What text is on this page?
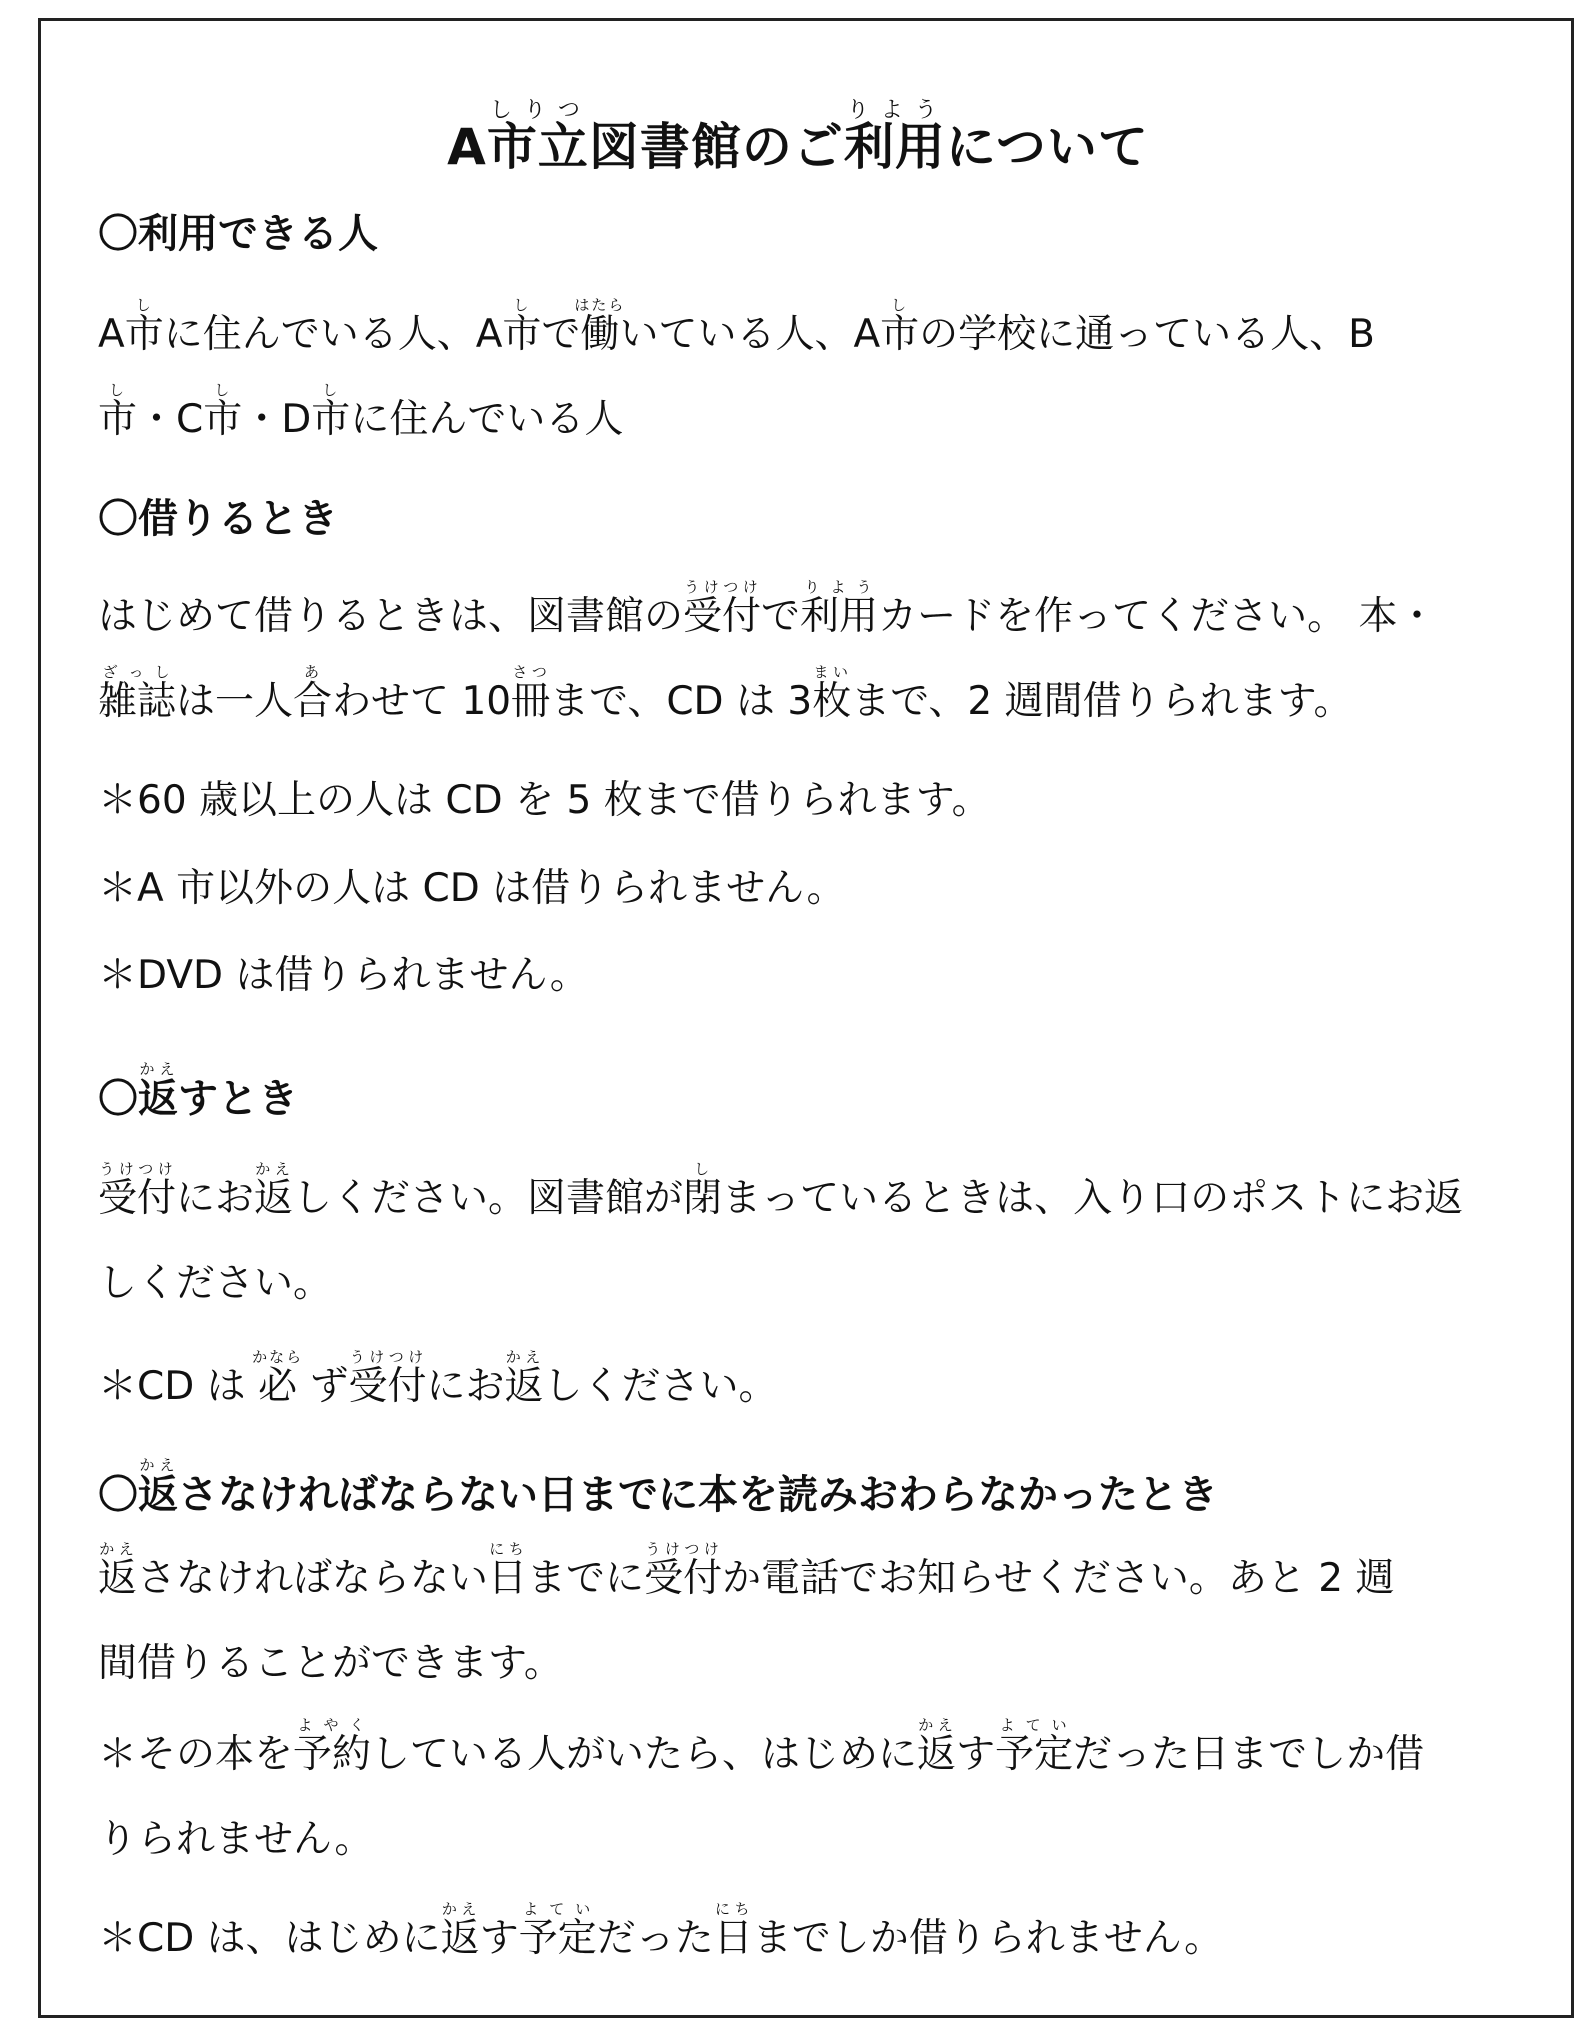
A市立しりつ図書館のご利用りようについて
〇利用できる人
A市しに住んでいる人、A市しで働はたらいている人、A市しの学校に通っている人、B
市し・C市し・D市しに住んでいる人
〇借りるとき
はじめて借りるときは、図書館の受付うけつけで利用りようカードを作ってください。 本・
雑誌ざっしは一人合あわせて 10冊さつまで、CD は 3枚まいまで、2 週間借りられます。
＊60 歳以上の人は CD を 5 枚まで借りられます。
＊A 市以外の人は CD は借りられません。
＊DVD は借りられません。
〇返かえすとき
受付うけつけにお返かえしください。図書館が閉しまっているときは、入り口のポストにお返
しください。
＊CD は 必かなら ず受付うけつけにお返かえしください。
〇返かえさなければならない日までに本を読みおわらなかったとき
返かえさなければならない日にちまでに受付うけつけか電話でお知らせください。あと 2 週
間借りることができます。
＊その本を予約よやくしている人がいたら、はじめに返かえす予定よていだった日までしか借
りられません。
＊CD は、はじめに返かえす予定よていだった日にちまでしか借りられません。
